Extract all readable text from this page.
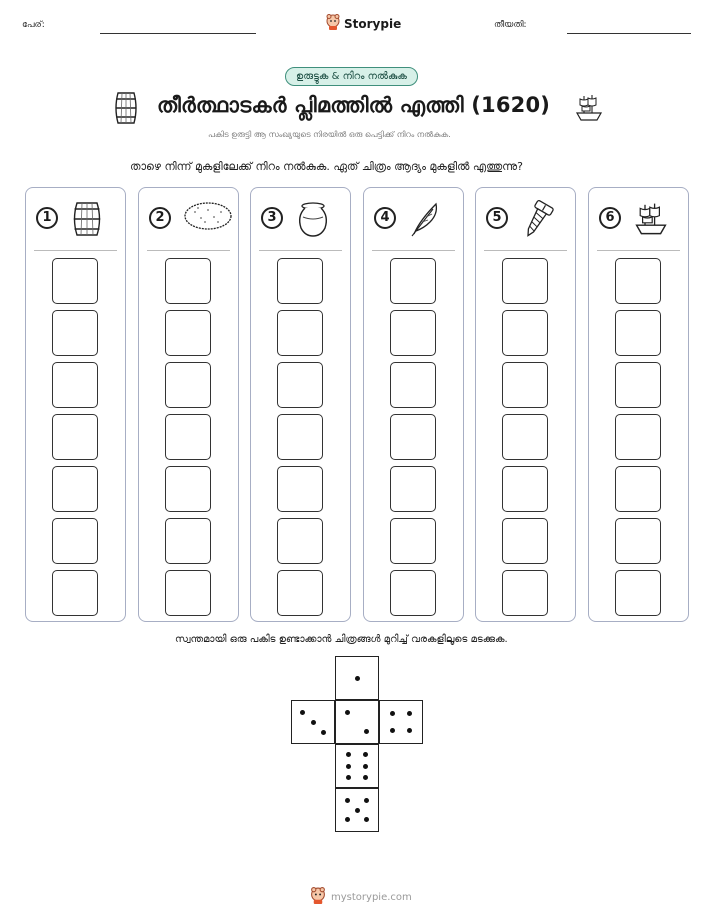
പേര്:	Storypie	തീയതി:
ഉരുട്ടുക & നിറം നൽകുക
തീർത്ഥാടകർ പ്ലിമത്തിൽ എത്തി (1620)
പകിട ഉരുട്ടി ആ സംഖ്യയുടെ നിരയിൽ ഒരു പെട്ടിക്ക് നിറം നൽകുക.
താഴെ നിന്ന് മുകളിലേക്ക് നിറം നൽകുക. ഏത് ചിത്രം ആദ്യം മുകളിൽ എത്തുന്നു?
1	2	3	4	5	6
സ്വന്തമായി ഒരു പകിട ഉണ്ടാക്കാൻ ചിത്രങ്ങൾ മുറിച്ച് വരകളിലൂടെ മടക്കുക.
mystorypie.com
